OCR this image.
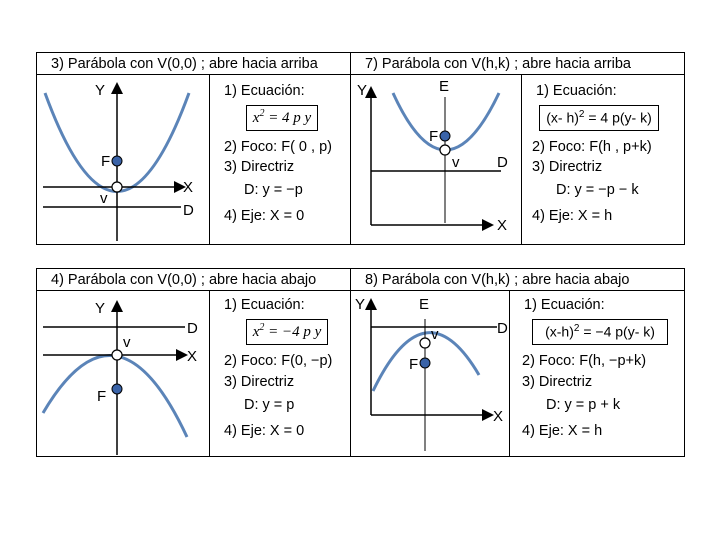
3) Parábola con V(0,0) ; abre hacia arriba
Y
X
F
v
D
1) Ecuación:
$x^2 = 4$ p y
2) Foco: F( 0 , p)
3) Directriz
D: y = −p
4) Eje: X = 0
7) Parábola con V(h,k) ; abre hacia arriba
Y	E
X
F
v	D
1) Ecuación:
(x- h)$^2$ = 4 p(y- k)
2) Foco: F(h , p+k)
3) Directriz
D: y = −p − k
4) Eje: X = h
4) Parábola con V(0,0) ; abre hacia abajo
Y
D
v
X
F
1) Ecuación:
$x^2 = -4$ p y
2) Foco: F(0, −p)
3) Directriz
D: y = p
4) Eje: X = 0
8) Parábola con V(h,k) ; abre hacia abajo
Y	E
D
v
F
X
1) Ecuación:
$(x-h)^2 = -4$ p(y- k)
2) Foco: F(h, −p+k)
3) Directriz
D: y = p + k
4) Eje: X = h
